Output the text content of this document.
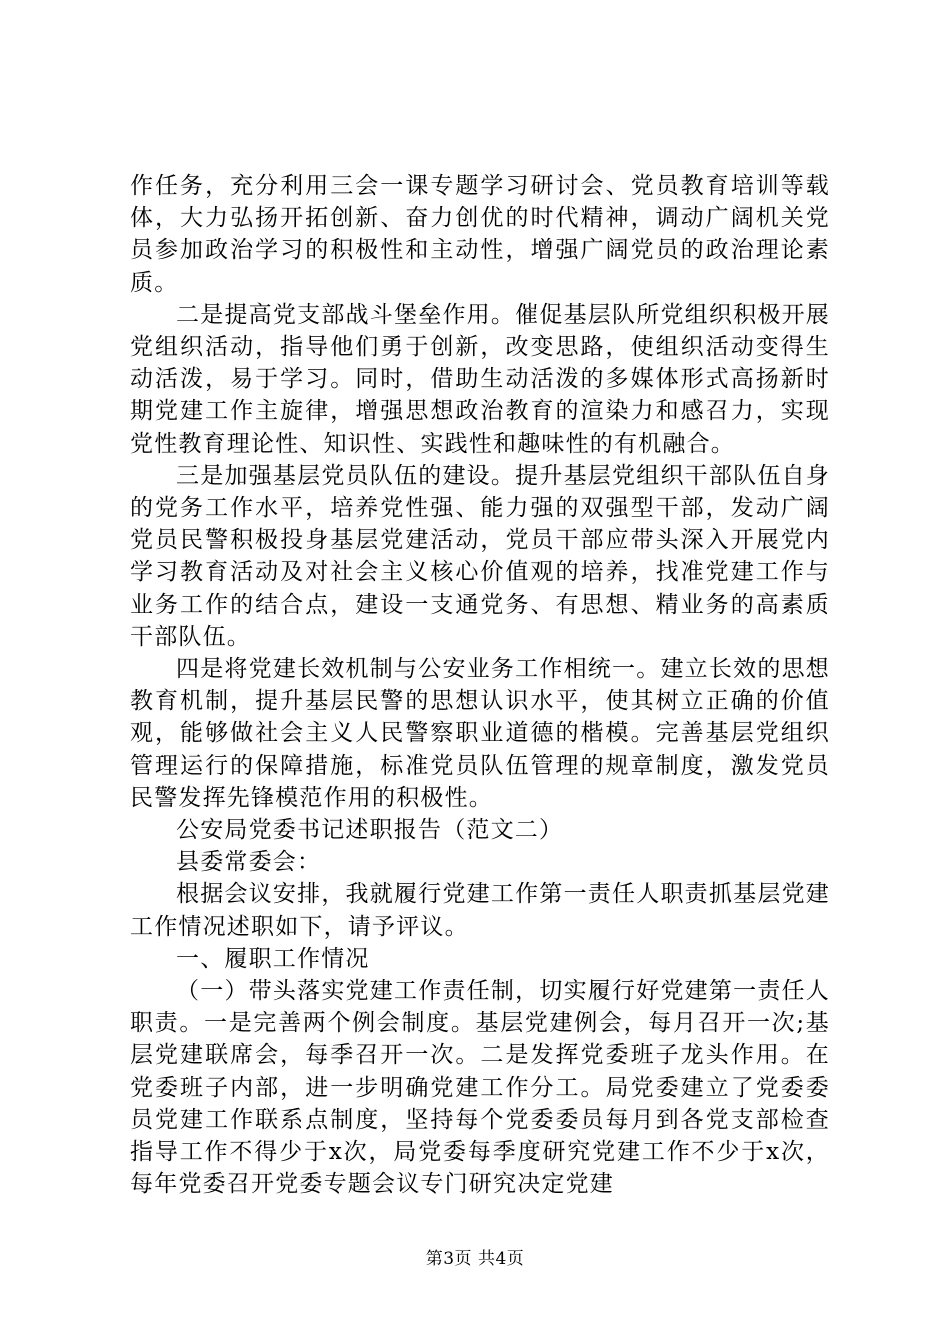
作任务，充分利用三会一课专题学习研讨会、党员教育培训等载体，大力弘扬开拓创新、奋力创优的时代精神，调动广阔机关党员参加政治学习的积极性和主动性，增强广阔党员的政治理论素质。

二是提高党支部战斗堡垒作用。催促基层队所党组织积极开展党组织活动，指导他们勇于创新，改变思路，使组织活动变得生动活泼，易于学习。同时，借助生动活泼的多媒体形式高扬新时期党建工作主旋律，增强思想政治教育的渲染力和感召力，实现党性教育理论性、知识性、实践性和趣味性的有机融合。

三是加强基层党员队伍的建设。提升基层党组织干部队伍自身的党务工作水平，培养党性强、能力强的双强型干部，发动广阔党员民警积极投身基层党建活动，党员干部应带头深入开展党内学习教育活动及对社会主义核心价值观的培养，找准党建工作与业务工作的结合点，建设一支通党务、有思想、精业务的高素质干部队伍。

四是将党建长效机制与公安业务工作相统一。建立长效的思想教育机制，提升基层民警的思想认识水平，使其树立正确的价值观，能够做社会主义人民警察职业道德的楷模。完善基层党组织管理运行的保障措施，标准党员队伍管理的规章制度，激发党员民警发挥先锋模范作用的积极性。

公安局党委书记述职报告（范文二）

县委常委会：

根据会议安排，我就履行党建工作第一责任人职责抓基层党建工作情况述职如下，请予评议。

一、履职工作情况

（一）带头落实党建工作责任制，切实履行好党建第一责任人职责。一是完善两个例会制度。基层党建例会，每月召开一次;基层党建联席会，每季召开一次。二是发挥党委班子龙头作用。在党委班子内部，进一步明确党建工作分工。局党委建立了党委委员党建工作联系点制度，坚持每个党委委员每月到各党支部检查指导工作不得少于x次，局党委每季度研究党建工作不少于x次，每年党委召开党委专题会议专门研究决定党建

第3页 共4页
